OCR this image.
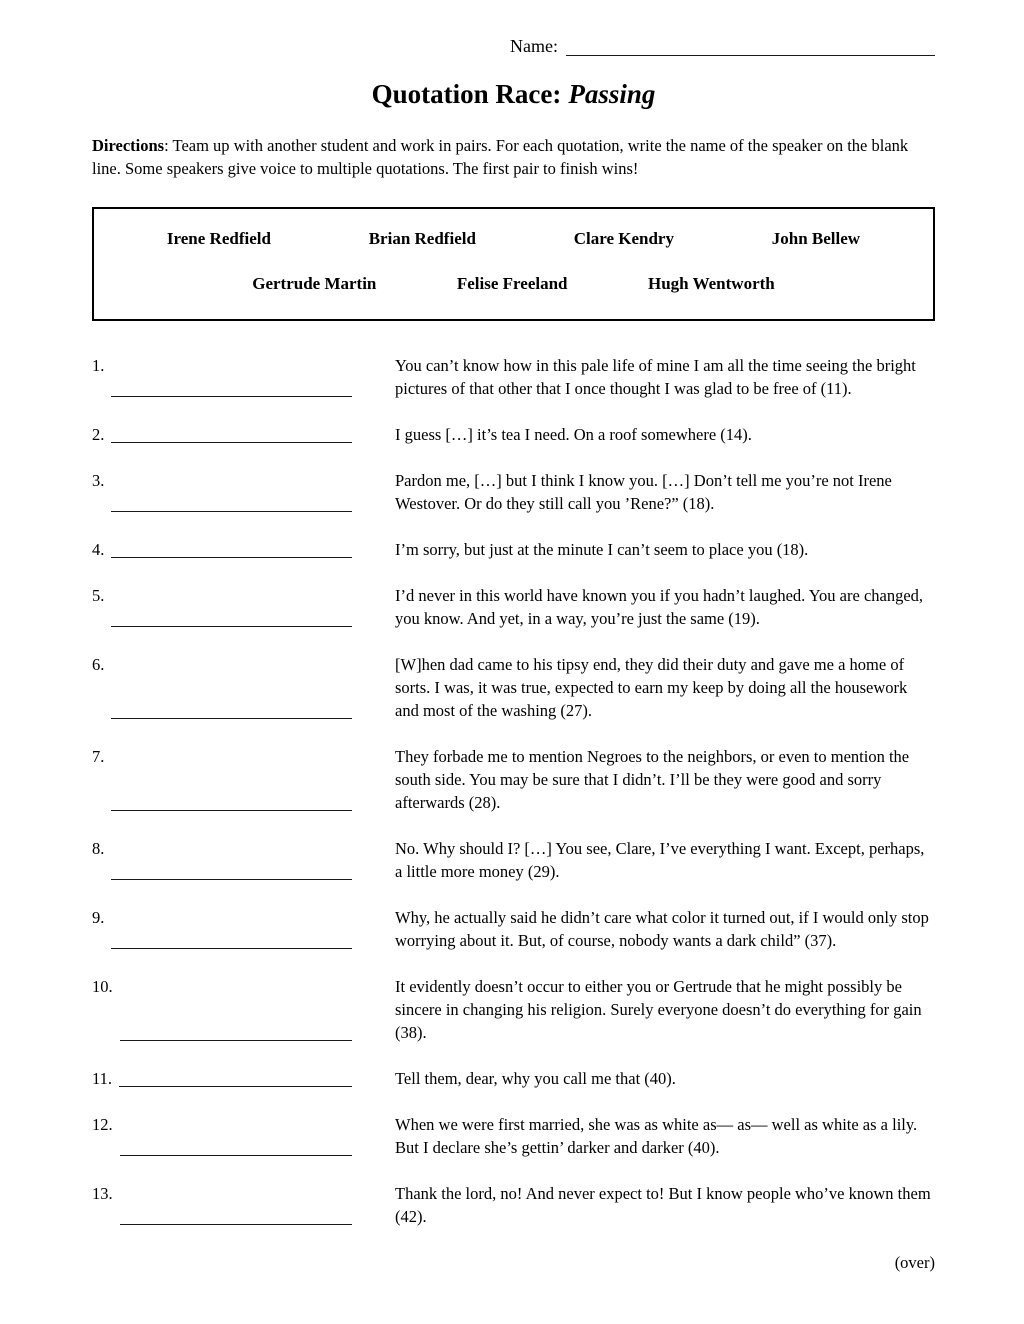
Name:
Quotation Race: Passing
Directions: Team up with another student and work in pairs. For each quotation, write the name of the speaker on the blank line. Some speakers give voice to multiple quotations. The first pair to finish wins!
Irene Redfield	Brian Redfield	Clare Kendry	John Bellew
Gertrude Martin	Felise Freeland	Hugh Wentworth
1.	You can’t know how in this pale life of mine I am all the time seeing the bright pictures of that other that I once thought I was glad to be free of (11).
2.	I guess […] it’s tea I need. On a roof somewhere (14).
3.	Pardon me, […] but I think I know you. […] Don’t tell me you’re not Irene Westover. Or do they still call you ’Rene?” (18).
4.	I’m sorry, but just at the minute I can’t seem to place you (18).
5.	I’d never in this world have known you if you hadn’t laughed. You are changed, you know. And yet, in a way, you’re just the same (19).
6.	[W]hen dad came to his tipsy end, they did their duty and gave me a home of sorts. I was, it was true, expected to earn my keep by doing all the housework and most of the washing (27).
7.	They forbade me to mention Negroes to the neighbors, or even to mention the south side. You may be sure that I didn’t. I’ll be they were good and sorry afterwards (28).
8.	No. Why should I? […] You see, Clare, I’ve everything I want. Except, perhaps, a little more money (29).
9.	Why, he actually said he didn’t care what color it turned out, if I would only stop worrying about it. But, of course, nobody wants a dark child” (37).
10.	It evidently doesn’t occur to either you or Gertrude that he might possibly be sincere in changing his religion. Surely everyone doesn’t do everything for gain (38).
11.	Tell them, dear, why you call me that (40).
12.	When we were first married, she was as white as— as— well as white as a lily. But I declare she’s gettin’ darker and darker (40).
13.	Thank the lord, no! And never expect to! But I know people who’ve known them (42).
(over)
